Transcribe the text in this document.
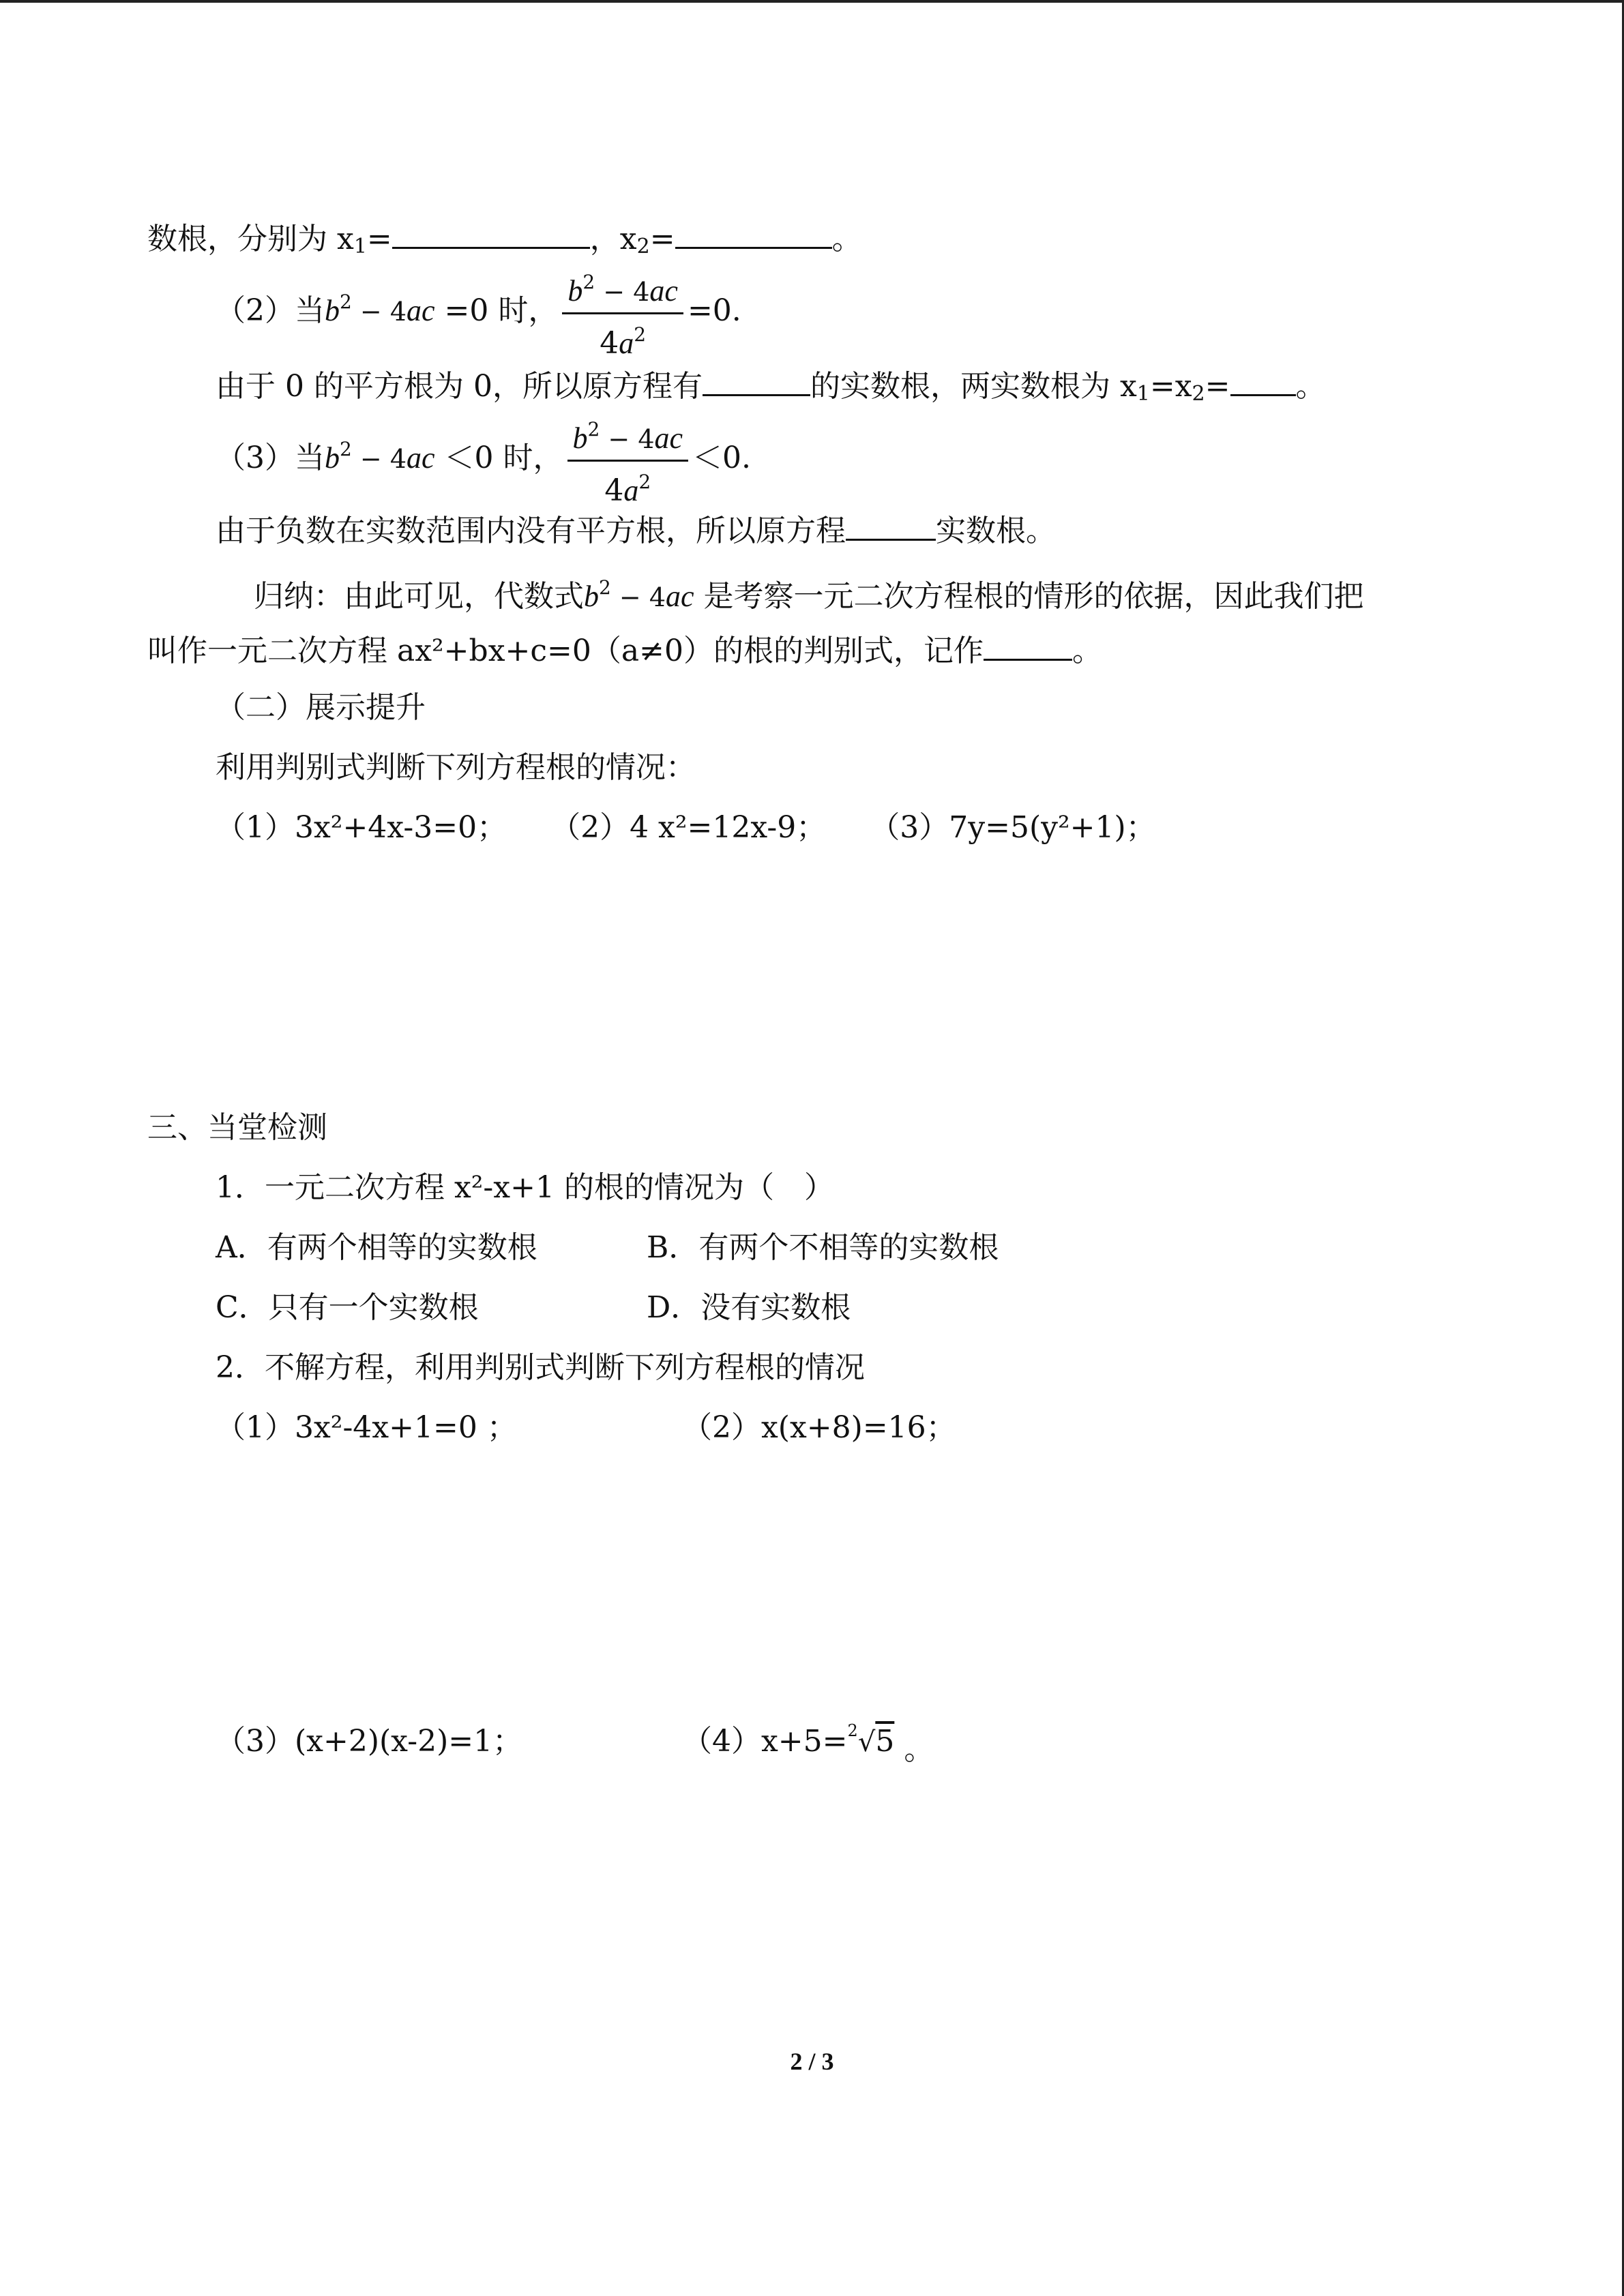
数根，分别为 $x_1=$	，$x_2=$	。
（2）当$b^2 - 4ac =0$ 时， $\frac{b^2 - 4ac}{4a^2} =0$.
由于 0 的平方根为 0，所以原方程有	的实数根，两实数根为 $x_1=x_2=$ 。
（3）当$b^2 - 4ac <0$ 时， $\frac{b^2 - 4ac}{4a^2} <0$.
由于负数在实数范围内没有平方根，所以原方程	实数根。
归纳：由此可见，代数式$b^2 - 4ac$ 是考察一元二次方程根的情形的依据，因此我们把
叫作一元二次方程 ax²+bx+c=0（a≠0）的根的判别式，记作	。
（二）展示提升
利用判别式判断下列方程根的情况：
（1）3x²+4x-3=0； （2）4 x²=12x-9； （3）7y=5(y²+1)；
三、当堂检测
1．一元二次方程 x²-x+1 的根的情况为（　）
A．有两个相等的实数根	B．有两个不相等的实数根
C．只有一个实数根	D．没有实数根
2．不解方程，利用判别式判断下列方程根的情况
（1）3x²-4x+1=0 ；	（2）x(x+8)=16；
（3）(x+2)(x-2)=1；	（4）x+5=$^2$√5 。
2 / 3
